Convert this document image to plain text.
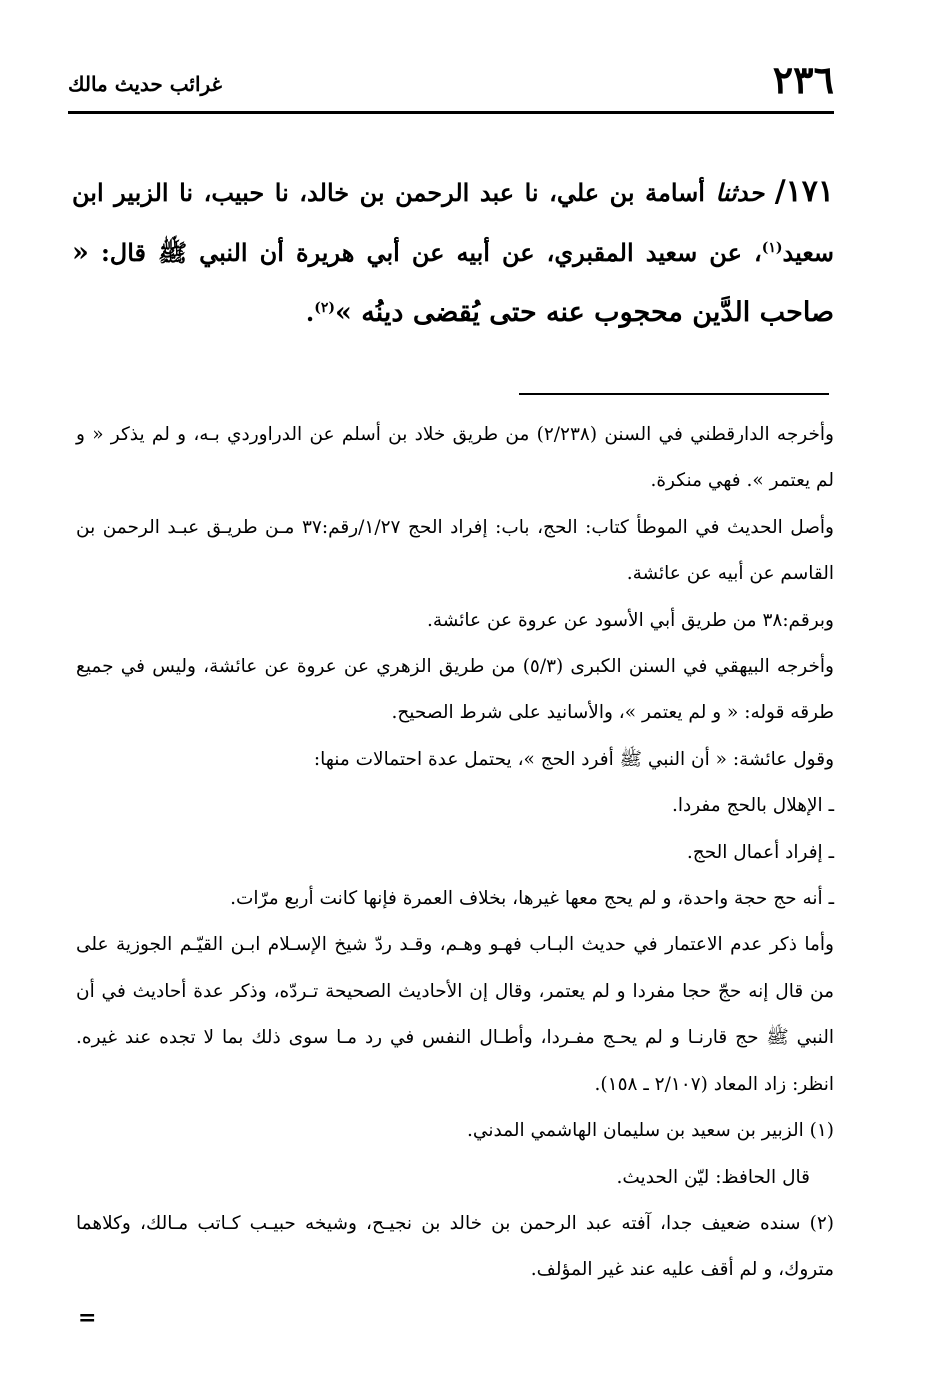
٢٣٦
غرائب حديث مالك

١٧١/ حدثنا أسامة بن علي، نا عبد الرحمن بن خالد، نا حبيب، نا الزبير ابن سعيد$^{(١)}$، عن سعيد المقبري، عن أبيه عن أبي هريرة أن النبي ﷺ قال: « صاحب الدَّين محجوب عنه حتى يُقضى دينُه »$^{(٢)}$.

وأخرجه الدارقطني في السنن (٢/٢٣٨) من طريق خلاد بن أسلم عن الدراوردي بـه، و لم يذكر « و لم يعتمر ». فهي منكرة.

وأصل الحديث في الموطأ كتاب: الحج، باب: إفراد الحج ١/٢٧/رقم:٣٧ مـن طريـق عبـد الرحمن بن القاسم عن أبيه عن عائشة.

وبرقم:٣٨ من طريق أبي الأسود عن عروة عن عائشة.

وأخرجه البيهقي في السنن الكبرى (٥/٣) من طريق الزهري عن عروة عن عائشة، وليس في جميع طرقه قوله: « و لم يعتمر »، والأسانيد على شرط الصحيح.

وقول عائشة: « أن النبي ﷺ أفرد الحج »، يحتمل عدة احتمالات منها:

ـ الإهلال بالحج مفردا.

ـ إفراد أعمال الحج.

ـ أنه حج حجة واحدة، و لم يحج معها غيرها، بخلاف العمرة فإنها كانت أربع مرّات.

وأما ذكر عدم الاعتمار في حديث البـاب فهـو وهـم، وقـد ردّ شيخ الإسـلام ابـن القيّـم الجوزية على من قال إنه حجّ حجا مفردا و لم يعتمر، وقال إن الأحاديث الصحيحة تـردّه، وذكر عدة أحاديث في أن النبي ﷺ حج قارنـا و لم يحـج مفـردا، وأطـال النفس في رد مـا سوى ذلك بما لا تجده عند غيره. انظر: زاد المعاد (٢/١٠٧ ـ ١٥٨).

(١) الزبير بن سعيد بن سليمان الهاشمي المدني.

قال الحافظ: ليّن الحديث.

(٢) سنده ضعيف جدا، آفته عبد الرحمن بن خالد بن نجيـح، وشيخه حبيـب كـاتب مـالك، وكلاهما متروك، و لم أقف عليه عند غير المؤلف.

=
